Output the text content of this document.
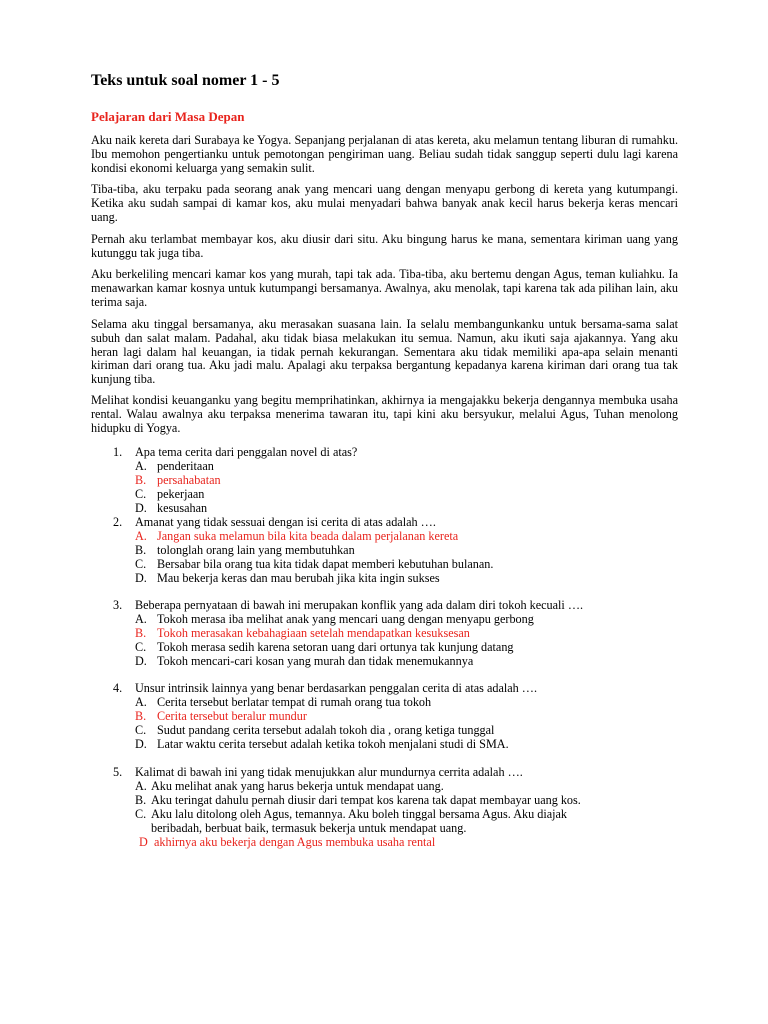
Teks untuk soal nomer 1 - 5
Pelajaran dari Masa Depan
Aku naik kereta dari Surabaya ke Yogya. Sepanjang perjalanan di atas kereta, aku melamun tentang liburan di rumahku. Ibu memohon pengertianku untuk pemotongan pengiriman uang. Beliau sudah tidak sanggup seperti dulu lagi karena kondisi ekonomi keluarga yang semakin sulit.
Tiba-tiba, aku terpaku pada seorang anak yang mencari uang dengan menyapu gerbong di kereta yang kutumpangi. Ketika aku sudah sampai di kamar kos, aku mulai menyadari bahwa banyak anak kecil harus bekerja keras mencari uang.
Pernah aku terlambat membayar kos, aku diusir dari situ. Aku bingung harus ke mana, sementara kiriman uang yang kutunggu tak juga tiba.
Aku berkeliling mencari kamar kos yang murah, tapi tak ada. Tiba-tiba, aku bertemu dengan Agus, teman kuliahku. Ia menawarkan kamar kosnya untuk kutumpangi bersamanya. Awalnya, aku menolak, tapi karena tak ada pilihan lain, aku terima saja.
Selama aku tinggal bersamanya, aku merasakan suasana lain. Ia selalu membangunkanku untuk bersama-sama salat subuh dan salat malam. Padahal, aku tidak biasa melakukan itu semua. Namun, aku ikuti saja ajakannya. Yang aku heran lagi dalam hal keuangan, ia tidak pernah kekurangan. Sementara aku tidak memiliki apa-apa selain menanti kiriman dari orang tua. Aku jadi malu. Apalagi aku terpaksa bergantung kepadanya karena kiriman dari orang tua tak kunjung tiba.
Melihat kondisi keuanganku yang begitu memprihatinkan, akhirnya ia mengajakku bekerja dengannya membuka usaha rental. Walau awalnya aku terpaksa menerima tawaran itu, tapi kini aku bersyukur, melalui Agus, Tuhan menolong hidupku di Yogya.
1. Apa tema cerita dari penggalan novel di atas?
A. penderitaan
B. persahabatan
C. pekerjaan
D. kesusahan
2. Amanat yang tidak sessuai dengan isi cerita di atas adalah ….
A. Jangan suka melamun bila kita beada dalam perjalanan kereta
B. tolonglah orang lain yang membutuhkan
C. Bersabar bila orang tua kita tidak dapat memberi kebutuhan bulanan.
D. Mau bekerja keras dan mau berubah jika kita ingin sukses
3. Beberapa pernyataan di bawah ini merupakan konflik yang ada dalam diri tokoh kecuali ….
A. Tokoh merasa iba melihat anak yang mencari uang dengan menyapu gerbong
B. Tokoh merasakan kebahagiaan setelah mendapatkan kesuksesan
C. Tokoh merasa sedih karena setoran uang dari ortunya tak kunjung datang
D. Tokoh mencari-cari kosan yang murah dan tidak menemukannya
4. Unsur intrinsik lainnya yang benar berdasarkan penggalan cerita di atas adalah ….
A. Cerita tersebut berlatar tempat di rumah orang tua tokoh
B. Cerita tersebut beralur mundur
C. Sudut pandang cerita tersebut adalah tokoh dia , orang ketiga tunggal
D. Latar waktu cerita tersebut adalah ketika tokoh menjalani studi di SMA.
5. Kalimat di bawah ini yang tidak menujukkan alur mundurnya cerrita adalah ….
A. Aku melihat anak yang harus bekerja untuk mendapat uang.
B. Aku teringat dahulu pernah diusir dari tempat kos karena tak dapat membayar uang kos.
C. Aku lalu ditolong oleh Agus, temannya. Aku boleh tinggal bersama Agus. Aku diajak
beribadah, berbuat baik, termasuk bekerja untuk mendapat uang.
D akhirnya aku bekerja dengan Agus membuka usaha rental
